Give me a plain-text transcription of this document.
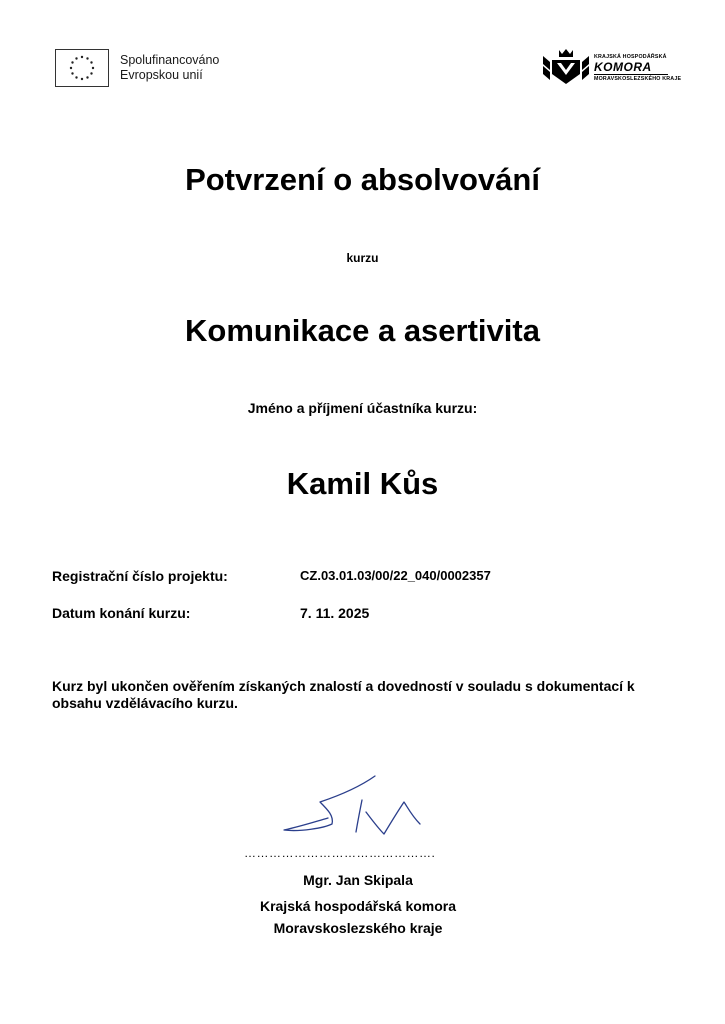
Spolufinancováno
Evropskou unií
KRAJSKÁ HOSPODÁŘSKÁ
KOMORA
MORAVSKOSLEZSKÉHO KRAJE
Potvrzení o absolvování
kurzu
Komunikace a asertivita
Jméno a příjmení účastníka kurzu:
Kamil Kůs
Registrační číslo projektu:	CZ.03.01.03/00/22_040/0002357
Datum konání kurzu:	7. 11. 2025
Kurz byl ukončen ověřením získaných znalostí a dovedností v souladu s dokumentací k obsahu vzdělávacího kurzu.
……………………………………….
Mgr. Jan Skipala
Krajská hospodářská komora
Moravskoslezského kraje
